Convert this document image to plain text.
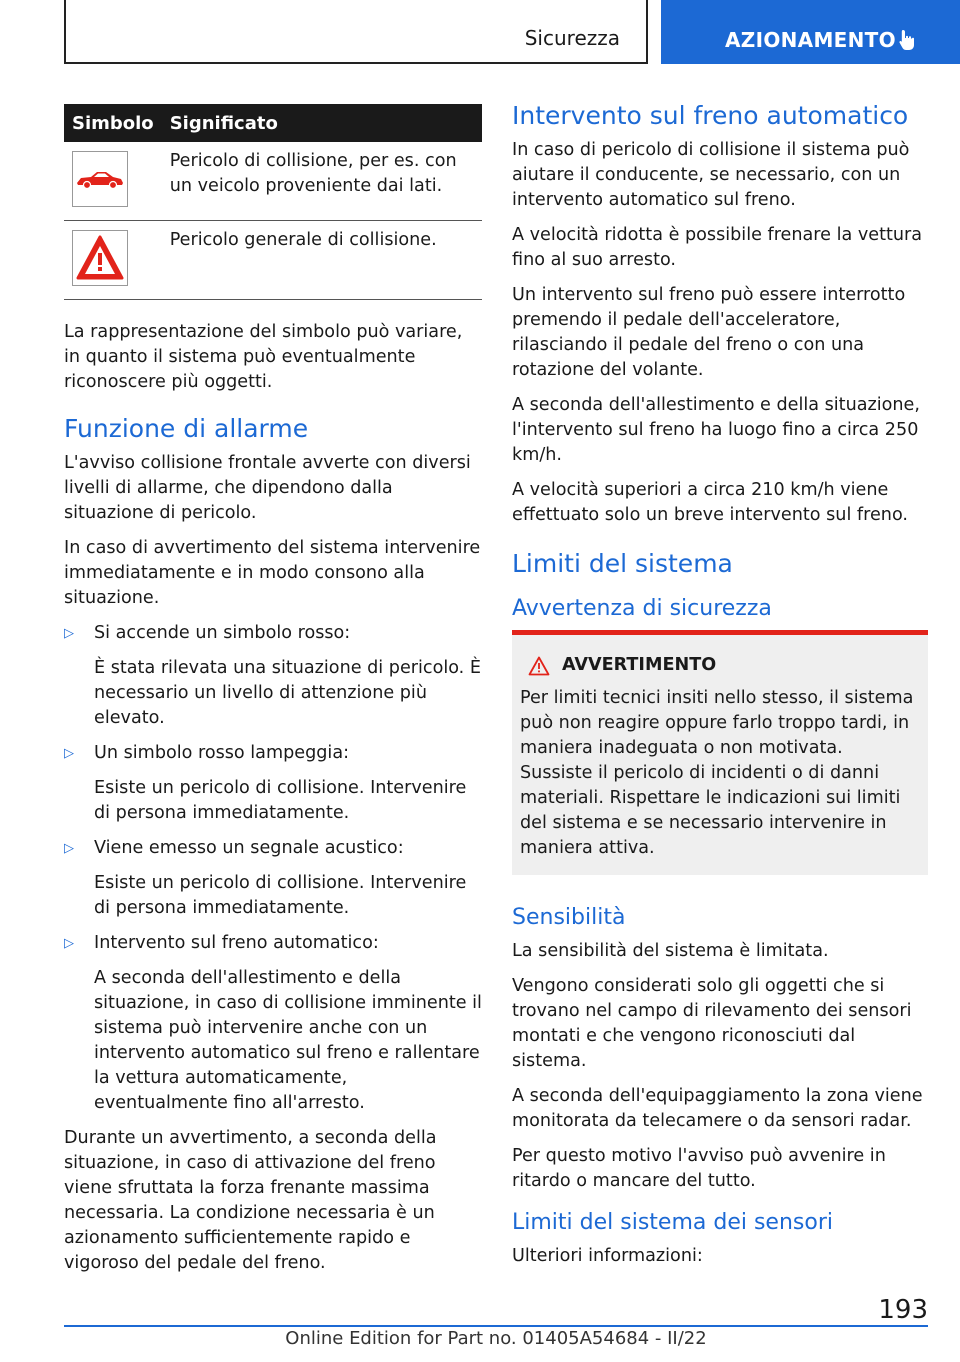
Sicurezza	AZIONAMENTO
Simbolo	Significato

	Pericolo di collisione, per es. con un veicolo proveniente dai lati.

	Pericolo generale di collisione.

La rappresentazione del simbolo può variare, in quanto il sistema può eventualmente riconoscere più oggetti.

Funzione di allarme

L'avviso collisione frontale avverte con diversi livelli di allarme, che dipendono dalla situazione di pericolo.

In caso di avvertimento del sistema intervenire immediatamente e in modo consono alla situazione.

▷ Si accende un simbolo rosso:

È stata rilevata una situazione di pericolo. È necessario un livello di attenzione più elevato.

▷ Un simbolo rosso lampeggia:

Esiste un pericolo di collisione. Intervenire di persona immediatamente.

▷ Viene emesso un segnale acustico:

Esiste un pericolo di collisione. Intervenire di persona immediatamente.

▷ Intervento sul freno automatico:

A seconda dell'allestimento e della situazione, in caso di collisione imminente il sistema può intervenire anche con un intervento automatico sul freno e rallentare la vettura automaticamente, eventualmente fino all'arresto.

Durante un avvertimento, a seconda della situazione, in caso di attivazione del freno viene sfruttata la forza frenante massima necessaria. La condizione necessaria è un azionamento sufficientemente rapido e vigoroso del pedale del freno.

Intervento sul freno automatico

In caso di pericolo di collisione il sistema può aiutare il conducente, se necessario, con un intervento automatico sul freno.

A velocità ridotta è possibile frenare la vettura fino al suo arresto.

Un intervento sul freno può essere interrotto premendo il pedale dell'acceleratore, rilasciando il pedale del freno o con una rotazione del volante.

A seconda dell'allestimento e della situazione, l'intervento sul freno ha luogo fino a circa 250 km/h.

A velocità superiori a circa 210 km/h viene effettuato solo un breve intervento sul freno.

Limiti del sistema
Avvertenza di sicurezza
AVVERTIMENTO

Per limiti tecnici insiti nello stesso, il sistema può non reagire oppure farlo troppo tardi, in maniera inadeguata o non motivata. Sussiste il pericolo di incidenti o di danni materiali. Rispettare le indicazioni sui limiti del sistema e se necessario intervenire in maniera attiva.

Sensibilità

La sensibilità del sistema è limitata.

Vengono considerati solo gli oggetti che si trovano nel campo di rilevamento dei sensori montati e che vengono riconosciuti dal sistema.

A seconda dell'equipaggiamento la zona viene monitorata da telecamere o da sensori radar.

Per questo motivo l'avviso può avvenire in ritardo o mancare del tutto.

Limiti del sistema dei sensori

Ulteriori informazioni:

193
Online Edition for Part no. 01405A54684 - II/22
